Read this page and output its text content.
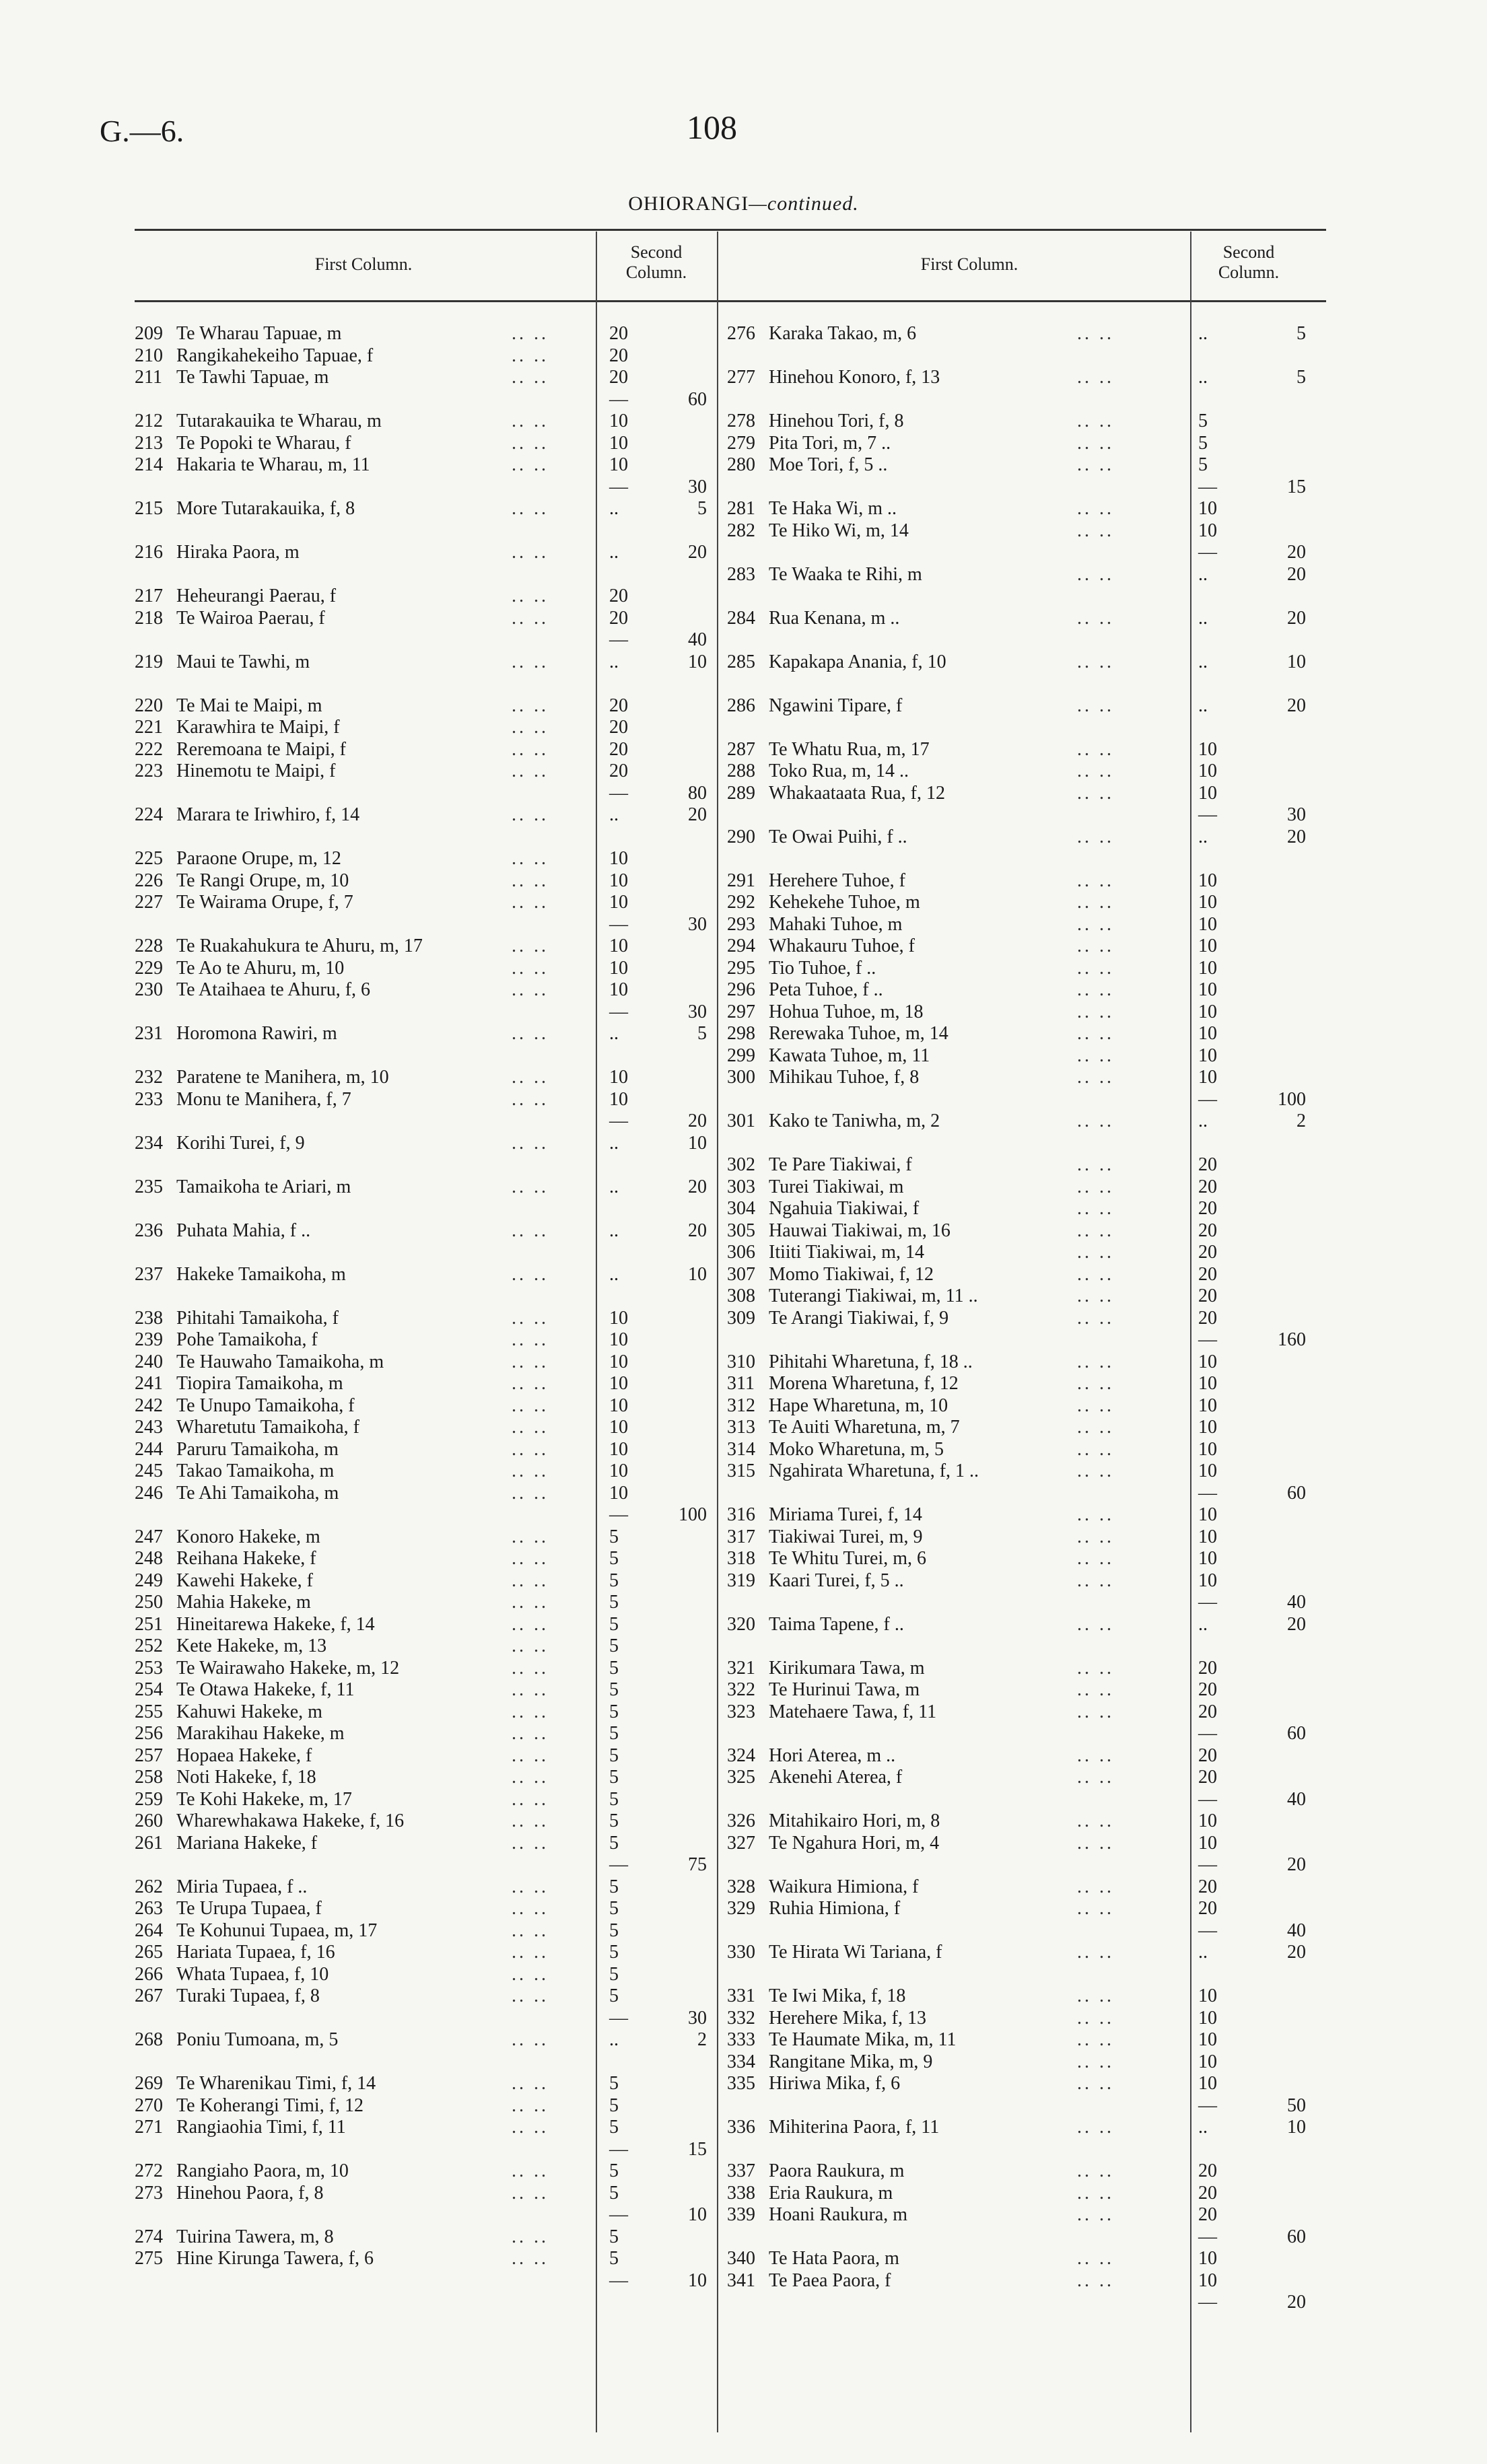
G.—6.	108
OHIORANGI—continued.
First Column.
Second Column.	First Column.
Second Column.
209 Te Wharau Tapuae, m	.. ..	20
210 Rangikahekeiho Tapuae, f	.. ..	20
211 Te Tawhi Tapuae, m	.. ..	20
—	60
212 Tutarakauika te Wharau, m	.. ..	10
213 Te Popoki te Wharau, f	.. ..	10
214 Hakaria te Wharau, m, 11	.. ..	10
—	30
215 More Tutarakauika, f, 8	.. ..	..	5
216 Hiraka Paora, m	.. ..	..	20
217 Heheurangi Paerau, f	.. ..	20
218 Te Wairoa Paerau, f	.. ..	20
—	40
219 Maui te Tawhi, m	.. ..	..	10
220 Te Mai te Maipi, m	.. ..	20
221 Karawhira te Maipi, f	.. ..	20
222 Reremoana te Maipi, f	.. ..	20
223 Hinemotu te Maipi, f	.. ..	20
—	80
224 Marara te Iriwhiro, f, 14	.. ..	..	20
225 Paraone Orupe, m, 12	.. ..	10
226 Te Rangi Orupe, m, 10	.. ..	10
227 Te Wairama Orupe, f, 7	.. ..	10
—	30
228 Te Ruakahukura te Ahuru, m, 17	.. ..	10
229 Te Ao te Ahuru, m, 10	.. ..	10
230 Te Ataihaea te Ahuru, f, 6	.. ..	10
—	30
231 Horomona Rawiri, m	.. ..	..	5
232 Paratene te Manihera, m, 10	.. ..	10
233 Monu te Manihera, f, 7	.. ..	10
—	20
234 Korihi Turei, f, 9	.. ..	..	10
235 Tamaikoha te Ariari, m	.. ..	..	20
236 Puhata Mahia, f ..	.. ..	..	20
237 Hakeke Tamaikoha, m	.. ..	..	10
238 Pihitahi Tamaikoha, f	.. ..	10
239 Pohe Tamaikoha, f	.. ..	10
240 Te Hauwaho Tamaikoha, m	.. ..	10
241 Tiopira Tamaikoha, m	.. ..	10
242 Te Unupo Tamaikoha, f	.. ..	10
243 Wharetutu Tamaikoha, f	.. ..	10
244 Paruru Tamaikoha, m	.. ..	10
245 Takao Tamaikoha, m	.. ..	10
246 Te Ahi Tamaikoha, m	.. ..	10
—	100
247 Konoro Hakeke, m	.. ..	5
248 Reihana Hakeke, f	.. ..	5
249 Kawehi Hakeke, f	.. ..	5
250 Mahia Hakeke, m	.. ..	5
251 Hineitarewa Hakeke, f, 14	.. ..	5
252 Kete Hakeke, m, 13	.. ..	5
253 Te Wairawaho Hakeke, m, 12	.. ..	5
254 Te Otawa Hakeke, f, 11	.. ..	5
255 Kahuwi Hakeke, m	.. ..	5
256 Marakihau Hakeke, m	.. ..	5
257 Hopaea Hakeke, f	.. ..	5
258 Noti Hakeke, f, 18	.. ..	5
259 Te Kohi Hakeke, m, 17	.. ..	5
260 Wharewhakawa Hakeke, f, 16	.. ..	5
261 Mariana Hakeke, f	.. ..	5
—	75
262 Miria Tupaea, f ..	.. ..	5
263 Te Urupa Tupaea, f	.. ..	5
264 Te Kohunui Tupaea, m, 17	.. ..	5
265 Hariata Tupaea, f, 16	.. ..	5
266 Whata Tupaea, f, 10	.. ..	5
267 Turaki Tupaea, f, 8	.. ..	5
—	30
268 Poniu Tumoana, m, 5	.. ..	..	2
269 Te Wharenikau Timi, f, 14	.. ..	5
270 Te Koherangi Timi, f, 12	.. ..	5
271 Rangiaohia Timi, f, 11	.. ..	5
—	15
272 Rangiaho Paora, m, 10	.. ..	5
273 Hinehou Paora, f, 8	.. ..	5
—	10
274 Tuirina Tawera, m, 8	.. ..	5
275 Hine Kirunga Tawera, f, 6	.. ..	5
—	10
276 Karaka Takao, m, 6	.. ..	..	5
277 Hinehou Konoro, f, 13	.. ..	..	5
278 Hinehou Tori, f, 8	.. ..	5
279 Pita Tori, m, 7 ..	.. ..	5
280 Moe Tori, f, 5 ..	.. ..	5
—	15
281 Te Haka Wi, m ..	.. ..	10
282 Te Hiko Wi, m, 14	.. ..	10
—	20
283 Te Waaka te Rihi, m	.. ..	..	20
284 Rua Kenana, m ..	.. ..	..	20
285 Kapakapa Anania, f, 10	.. ..	..	10
286 Ngawini Tipare, f	.. ..	..	20
287 Te Whatu Rua, m, 17	.. ..	10
288 Toko Rua, m, 14 ..	.. ..	10
289 Whakaataata Rua, f, 12	.. ..	10
—	30
290 Te Owai Puihi, f ..	.. ..	..	20
291 Herehere Tuhoe, f	.. ..	10
292 Kehekehe Tuhoe, m	.. ..	10
293 Mahaki Tuhoe, m	.. ..	10
294 Whakauru Tuhoe, f	.. ..	10
295 Tio Tuhoe, f ..	.. ..	10
296 Peta Tuhoe, f ..	.. ..	10
297 Hohua Tuhoe, m, 18	.. ..	10
298 Rerewaka Tuhoe, m, 14	.. ..	10
299 Kawata Tuhoe, m, 11	.. ..	10
300 Mihikau Tuhoe, f, 8	.. ..	10
—	100
301 Kako te Taniwha, m, 2	.. ..	..	2
302 Te Pare Tiakiwai, f	.. ..	20
303 Turei Tiakiwai, m	.. ..	20
304 Ngahuia Tiakiwai, f	.. ..	20
305 Hauwai Tiakiwai, m, 16	.. ..	20
306 Itiiti Tiakiwai, m, 14	.. ..	20
307 Momo Tiakiwai, f, 12	.. ..	20
308 Tuterangi Tiakiwai, m, 11 ..	.. ..	20
309 Te Arangi Tiakiwai, f, 9	.. ..	20
—	160
310 Pihitahi Wharetuna, f, 18 ..	.. ..	10
311 Morena Wharetuna, f, 12	.. ..	10
312 Hape Wharetuna, m, 10	.. ..	10
313 Te Auiti Wharetuna, m, 7	.. ..	10
314 Moko Wharetuna, m, 5	.. ..	10
315 Ngahirata Wharetuna, f, 1 ..	.. ..	10
—	60
316 Miriama Turei, f, 14	.. ..	10
317 Tiakiwai Turei, m, 9	.. ..	10
318 Te Whitu Turei, m, 6	.. ..	10
319 Kaari Turei, f, 5 ..	.. ..	10
—	40
320 Taima Tapene, f ..	.. ..	..	20
321 Kirikumara Tawa, m	.. ..	20
322 Te Hurinui Tawa, m	.. ..	20
323 Matehaere Tawa, f, 11	.. ..	20
—	60
324 Hori Aterea, m ..	.. ..	20
325 Akenehi Aterea, f	.. ..	20
—	40
326 Mitahikairo Hori, m, 8	.. ..	10
327 Te Ngahura Hori, m, 4	.. ..	10
—	20
328 Waikura Himiona, f	.. ..	20
329 Ruhia Himiona, f	.. ..	20
—	40
330 Te Hirata Wi Tariana, f	.. ..	..	20
331 Te Iwi Mika, f, 18	.. ..	10
332 Herehere Mika, f, 13	.. ..	10
333 Te Haumate Mika, m, 11	.. ..	10
334 Rangitane Mika, m, 9	.. ..	10
335 Hiriwa Mika, f, 6	.. ..	10
—	50
336 Mihiterina Paora, f, 11	.. ..	..	10
337 Paora Raukura, m	.. ..	20
338 Eria Raukura, m	.. ..	20
339 Hoani Raukura, m	.. ..	20
—	60
340 Te Hata Paora, m	.. ..	10
341 Te Paea Paora, f	.. ..	10
—	20
